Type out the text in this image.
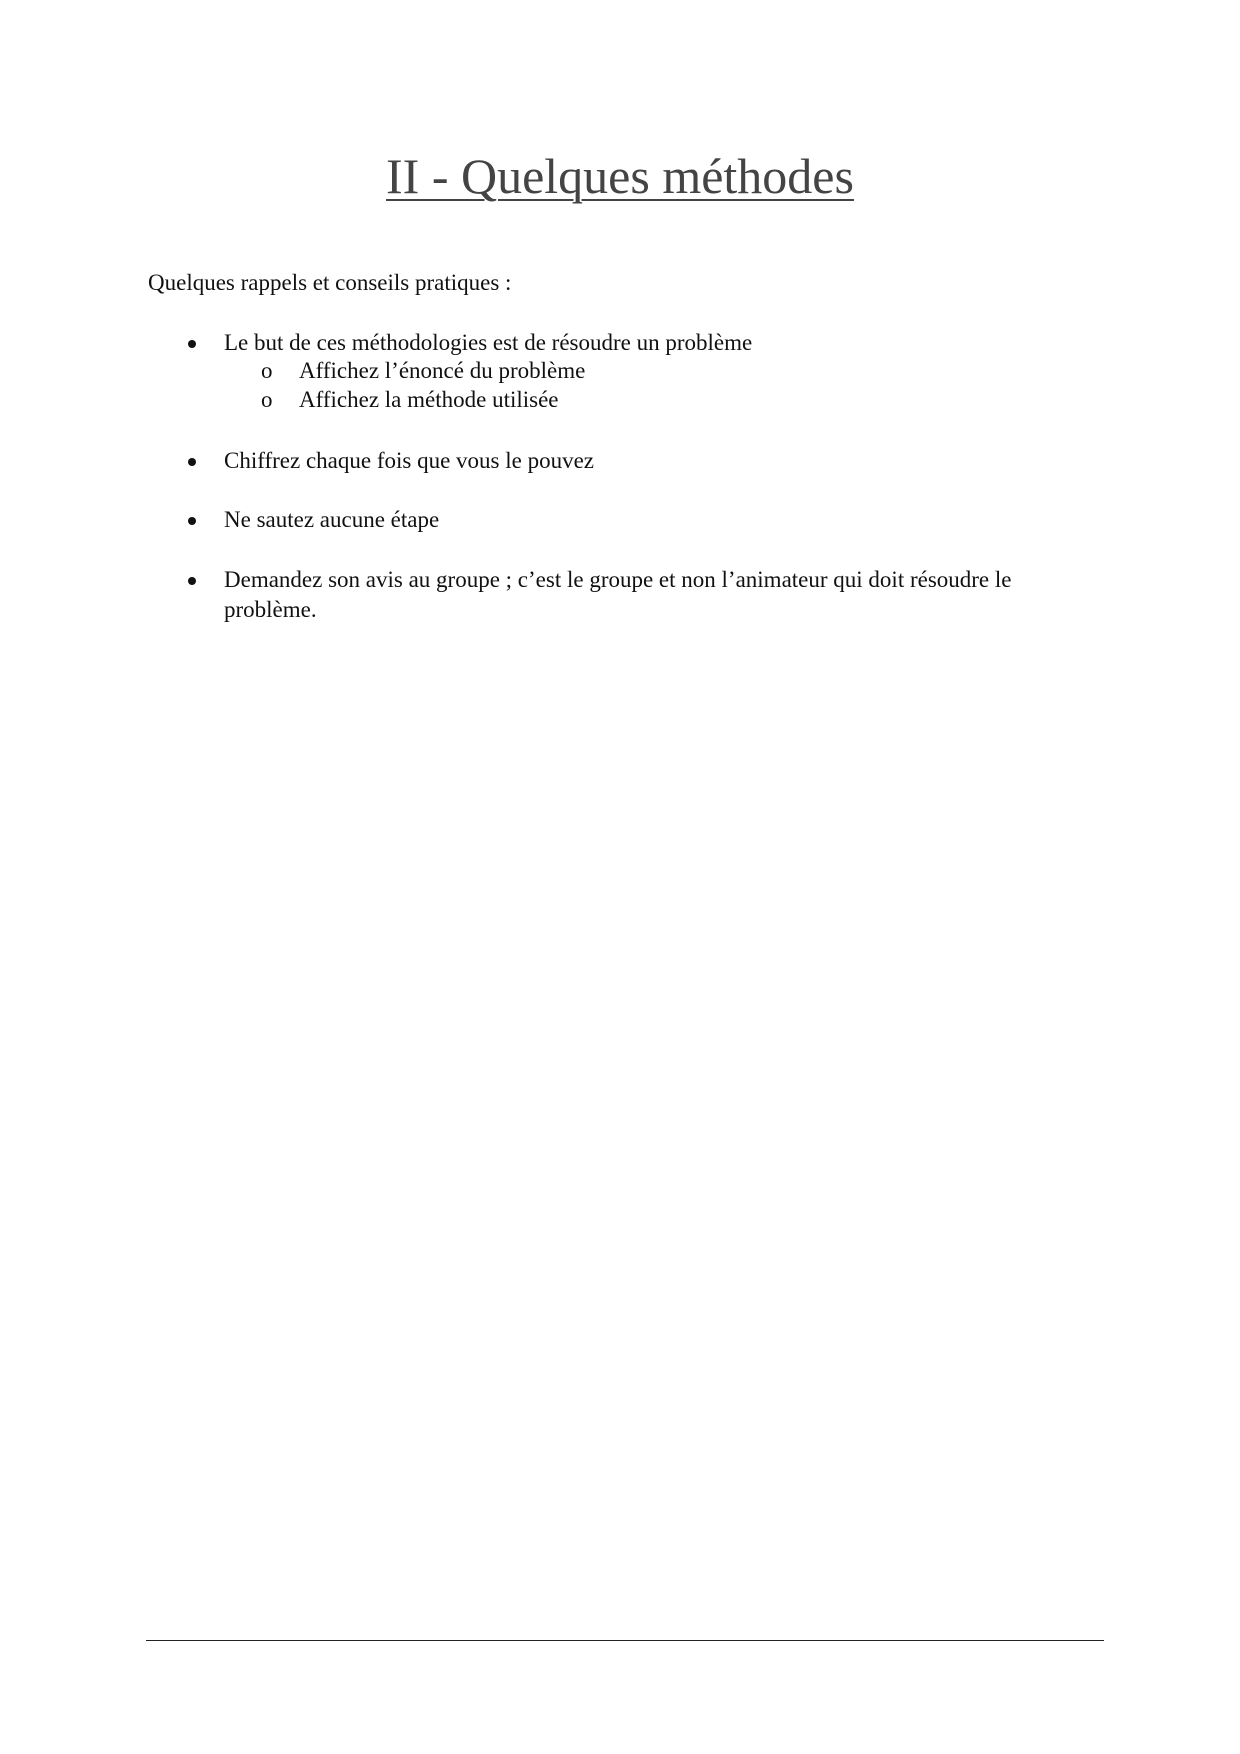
II - Quelques méthodes

Quelques rappels et conseils pratiques :

Le but de ces méthodologies est de résoudre un problème
o Affichez l’énoncé du problème
o Affichez la méthode utilisée
Chiffrez chaque fois que vous le pouvez
Ne sautez aucune étape
Demandez son avis au groupe ; c’est le groupe et non l’animateur qui doit résoudre le problème.
